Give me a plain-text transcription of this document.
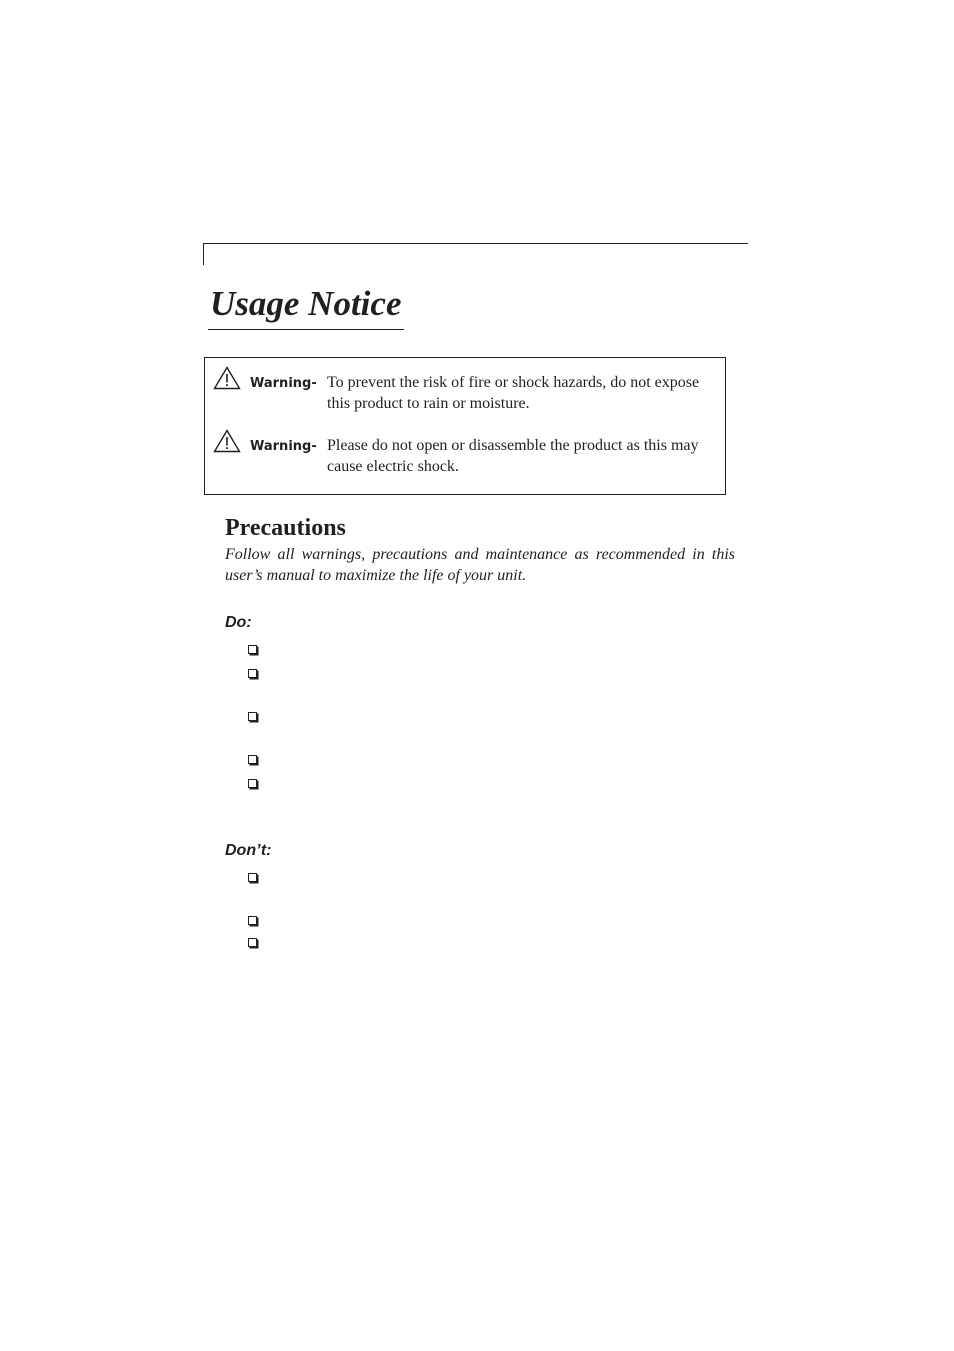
Usage Notice
Warning- To prevent the risk of fire or shock hazards, do not expose this product to rain or moisture.
Warning- Please do not open or disassemble the product as this may cause electric shock.
Precautions
Follow all warnings, precautions and maintenance as recommended in this user’s manual to maximize the life of your unit.
Do:
Don’t:
